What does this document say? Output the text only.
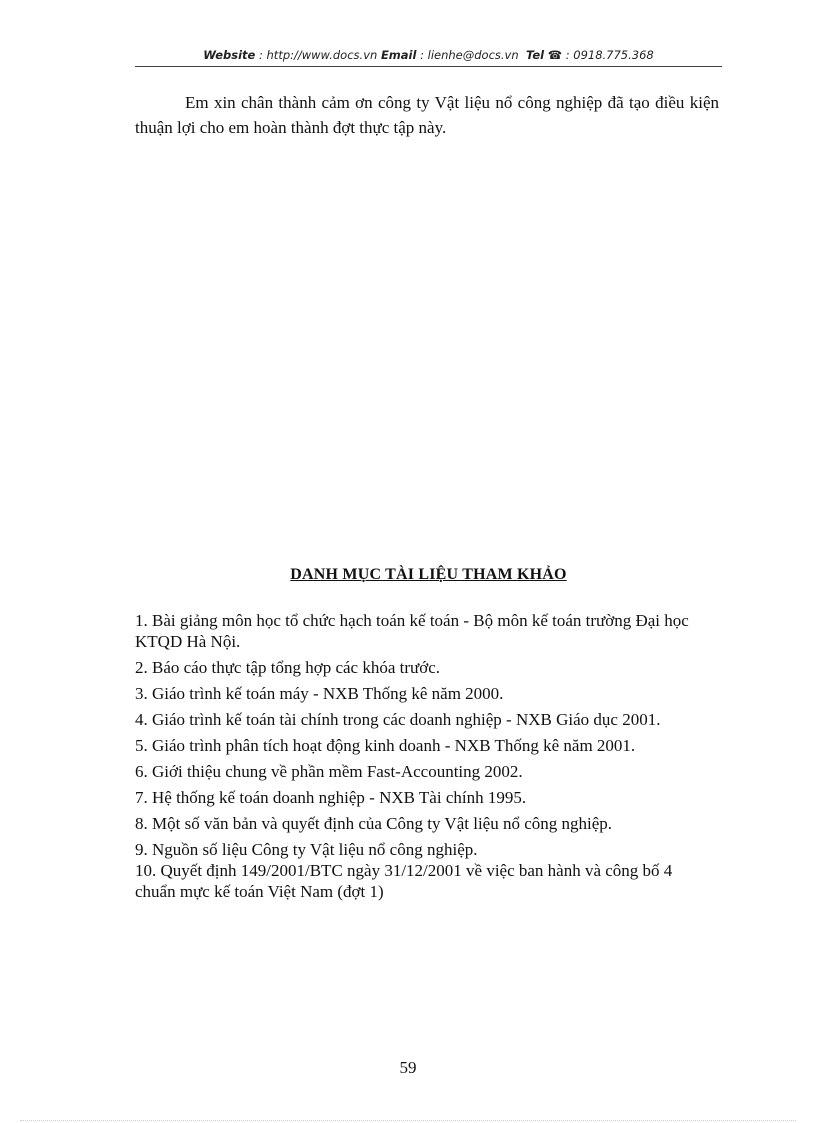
Website : http://www.docs.vn Email : lienhe@docs.vn Tel ☎ : 0918.775.368

Em xin chân thành cảm ơn công ty Vật liệu nổ công nghiệp đã tạo điều kiện thuận lợi cho em hoàn thành đợt thực tập này.

DANH MỤC TÀI LIỆU THAM KHẢO
1. Bài giảng môn học tổ chức hạch toán kế toán - Bộ môn kế toán trường Đại học KTQD Hà Nội.
2. Báo cáo thực tập tổng hợp các khóa trước.
3. Giáo trình kế toán máy - NXB Thống kê năm 2000.
4. Giáo trình kế toán tài chính trong các doanh nghiệp - NXB Giáo dục 2001.
5. Giáo trình phân tích hoạt động kinh doanh - NXB Thống kê năm 2001.
6. Giới thiệu chung về phần mềm Fast-Accounting 2002.
7. Hệ thống kế toán doanh nghiệp - NXB Tài chính 1995.
8. Một số văn bản và quyết định của Công ty Vật liệu nổ công nghiệp.
9. Nguồn số liệu Công ty Vật liệu nổ công nghiệp.
10. Quyết định 149/2001/BTC ngày 31/12/2001 về việc ban hành và công bố 4 chuẩn mực kế toán Việt Nam (đợt 1)
59
